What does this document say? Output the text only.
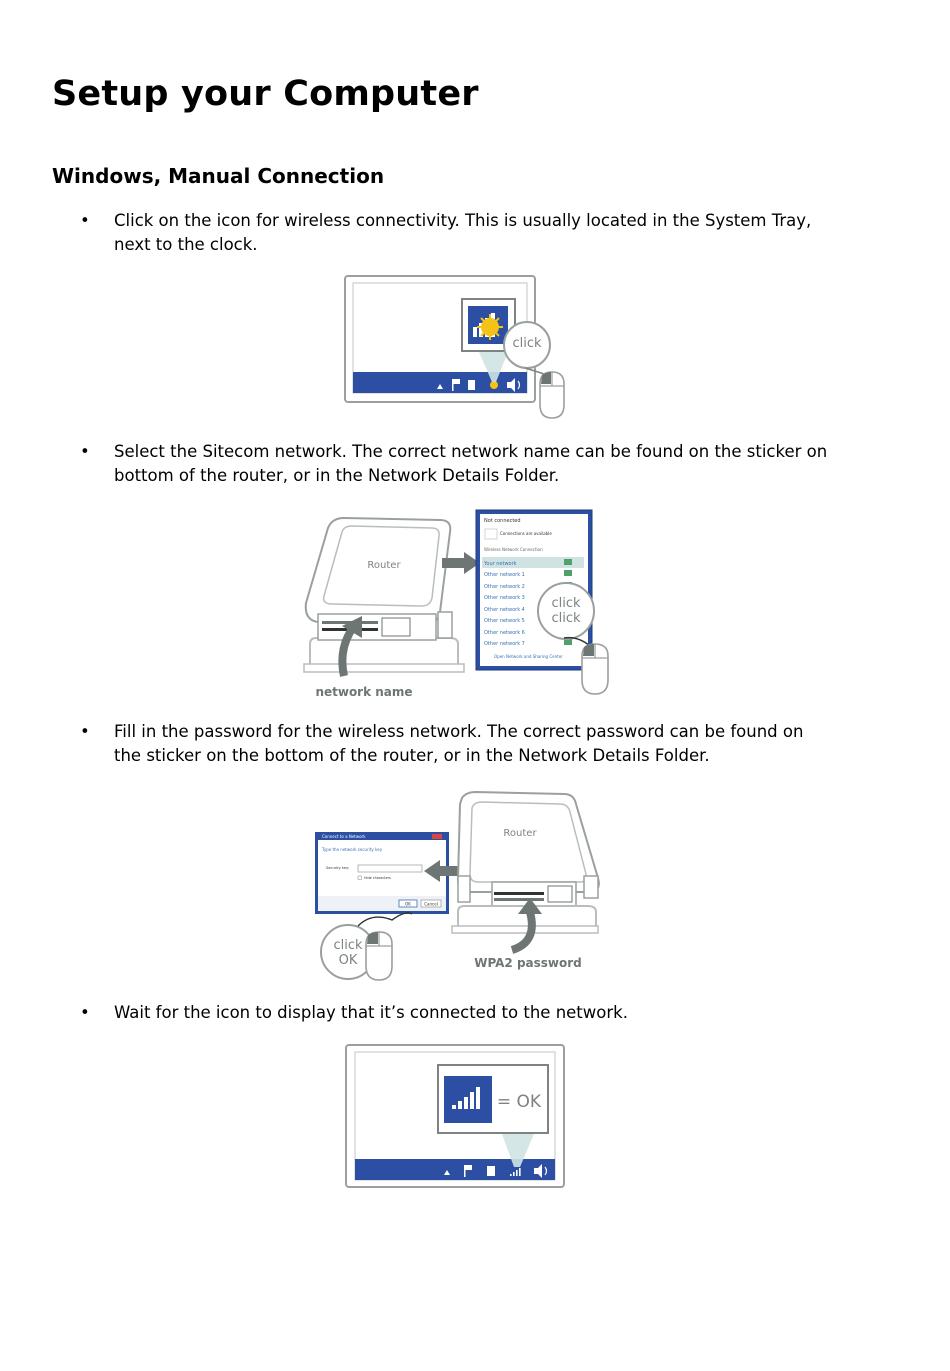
Setup your Computer
Windows, Manual Connection
•	Click on the icon for wireless connectivity. This is usually located in the System Tray, next to the clock.
click
•	Select the Sitecom network. The correct network name can be found on the sticker on bottom of the router, or in the Network Details Folder.
Router
network name
Not connected
Connections are available
Wireless Network Connection
Your network
Other network 1
Other network 2
Other network 3
Other network 4
Other network 5
Other network 6
Other network 7
Open Network and Sharing Center
click
click
•	Fill in the password for the wireless network. The correct password can be found on the sticker on the bottom of the router, or in the Network Details Folder.
Connect to a Network
Type the network security key
Security key:
Hide characters
OK	Cancel
Router
WPA2 password
click
OK
•	Wait for the icon to display that it’s connected to the network.
= OK
